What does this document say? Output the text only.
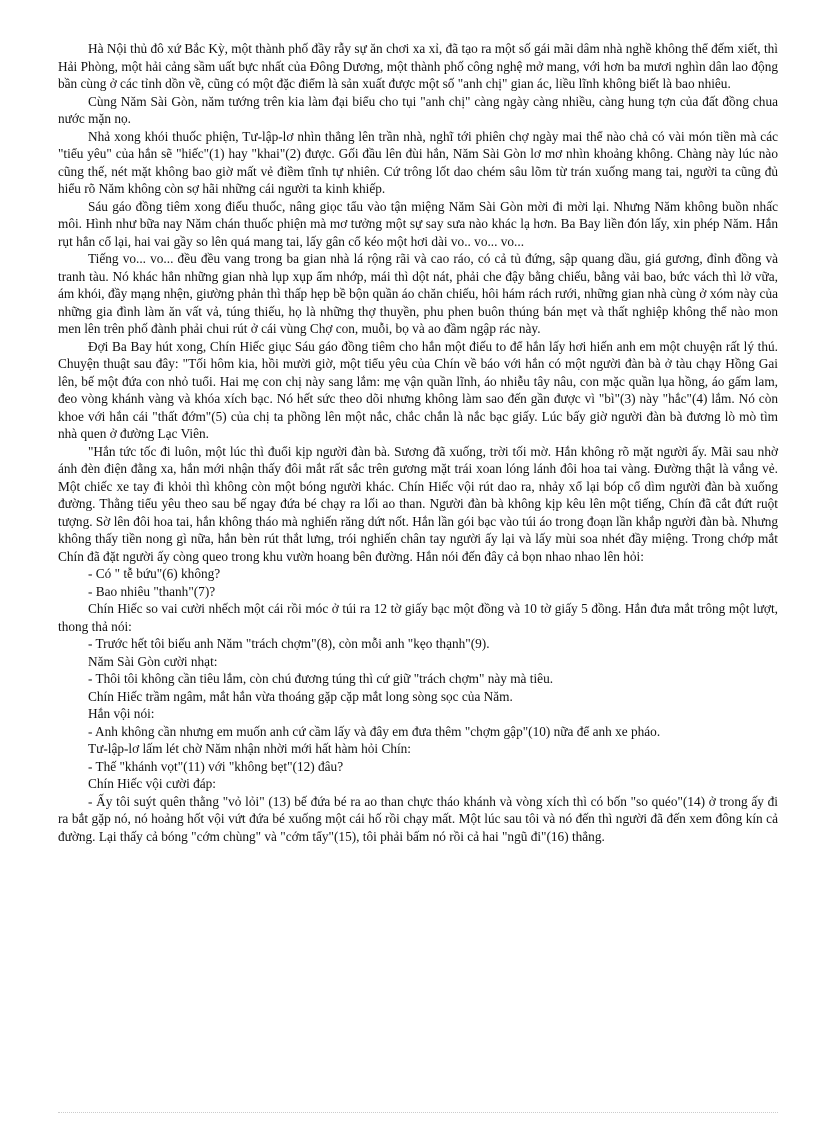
Hà Nội thủ đô xứ Bắc Kỳ, một thành phố đầy rẫy sự ăn chơi xa xỉ, đã tạo ra một số gái mãi dâm nhà nghề không thể đếm xiết, thì Hải Phòng, một hải cảng sầm uất bực nhất của Đông Dương, một thành phố công nghệ mở mang, với hơn ba mươi nghìn dân lao động bần cùng ở các tỉnh dồn về, cũng có một đặc điểm là sản xuất được một số "anh chị" gian ác, liều lĩnh không biết là bao nhiêu.

Cùng Năm Sài Gòn, năm tướng trên kia làm đại biểu cho tụi "anh chị" càng ngày càng nhiều, càng hung tợn của đất đồng chua nước mặn nọ.

Nhả xong khói thuốc phiện, Tư-lập-lơ nhìn thẳng lên trần nhà, nghĩ tới phiên chợ ngày mai thể nào chả có vài món tiền mà các "tiểu yêu" của hắn sẽ "hiếc"(1) hay "khai"(2) được. Gối đầu lên đùi hắn, Năm Sài Gòn lơ mơ nhìn khoảng không. Chàng này lúc nào cũng thế, nét mặt không bao giờ mất vẻ điềm tĩnh tự nhiên. Cứ trông lốt dao chém sâu lõm từ trán xuống mang tai, người ta cũng đủ hiểu rõ Năm không còn sợ hãi những cái người ta kinh khiếp.

Sáu gáo đồng tiêm xong điếu thuốc, nâng giọc tẩu vào tận miệng Năm Sài Gòn mời đi mời lại. Nhưng Năm không buồn nhấc môi. Hình như bữa nay Năm chán thuốc phiện mà mơ tưởng một sự say sưa nào khác lạ hơn. Ba Bay liền đón lấy, xin phép Năm. Hắn rụt hẳn cổ lại, hai vai gầy so lên quá mang tai, lấy gân cổ kéo một hơi dài vo.. vo... vo...

Tiếng vo... vo... đều đều vang trong ba gian nhà lá rộng rãi và cao ráo, có cả tủ đứng, sập quang dầu, giá gương, đỉnh đồng và tranh tàu. Nó khác hẳn những gian nhà lụp xụp ẩm nhớp, mái thì dột nát, phải che đậy bằng chiếu, bằng vải bao, bức vách thì lở vữa, ám khói, đầy mạng nhện, giường phản thì thấp hẹp bề bộn quần áo chăn chiếu, hôi hám rách rưới, những gian nhà cùng ở xóm này của những gia đình làm ăn vất vả, túng thiếu, họ là những thợ thuyền, phu phen buôn thúng bán mẹt và thất nghiệp không thể nào mon men lên trên phố đành phải chui rút ở cái vùng Chợ con, muỗi, bọ và ao đầm ngập rác này.

Đợi Ba Bay hút xong, Chín Hiếc giục Sáu gáo đồng tiêm cho hắn một điếu to để hắn lấy hơi hiến anh em một chuyện rất lý thú. Chuyện thuật sau đây: "Tối hôm kia, hồi mười giờ, một tiểu yêu của Chín về báo với hắn có một người đàn bà ở tàu chạy Hồng Gai lên, bế một đứa con nhỏ tuổi. Hai mẹ con chị này sang lắm: mẹ vận quần lĩnh, áo nhiễu tây nâu, con mặc quần lụa hồng, áo gấm lam, đeo vòng khánh vàng và khóa xích bạc. Nó hết sức theo dõi nhưng không làm sao đến gần được vì "bì"(3) này "hắc"(4) lắm. Nó còn khoe với hắn cái "thất đớm"(5) của chị ta phồng lên một nắc, chắc chắn là nắc bạc giấy. Lúc bấy giờ người đàn bà đương lò mò tìm nhà quen ở đường Lạc Viên.

"Hắn tức tốc đi luôn, một lúc thì đuổi kịp người đàn bà. Sương đã xuống, trời tối mờ. Hắn không rõ mặt người ấy. Mãi sau nhờ ánh đèn điện đằng xa, hắn mới nhận thấy đôi mắt rất sắc trên gương mặt trái xoan lóng lánh đôi hoa tai vàng. Đường thật là vắng vẻ. Một chiếc xe tay đi khỏi thì không còn một bóng người khác. Chín Hiếc vội rút dao ra, nhảy xổ lại bóp cổ dìm người đàn bà xuống đường. Thằng tiểu yêu theo sau bế ngay đứa bé chạy ra lối ao than. Người đàn bà không kịp kêu lên một tiếng, Chín đã cắt đứt ruột tượng. Sờ lên đôi hoa tai, hắn không tháo mà nghiến răng dứt nốt. Hắn lần gói bạc vào túi áo trong đoạn lần khắp người đàn bà. Nhưng không thấy tiền nong gì nữa, hắn bèn rút thắt lưng, trói nghiến chân tay người ấy lại và lấy mùi soa nhét đầy miệng. Trong chớp mắt Chín đã đặt người ấy còng queo trong khu vườn hoang bên đường. Hắn nói đến đây cả bọn nhao nhao lên hỏi:

- Có " tễ bứu"(6) không?

- Bao nhiêu "thanh"(7)?

Chín Hiếc so vai cười nhếch một cái rồi móc ở túi ra 12 tờ giấy bạc một đồng và 10 tờ giấy 5 đồng. Hắn đưa mắt trông một lượt, thong thả nói:

- Trước hết tôi biếu anh Năm "trách chợm"(8), còn mỗi anh "kẹo thạnh"(9).

Năm Sài Gòn cười nhạt:

- Thôi tôi không cần tiêu lắm, còn chú đương túng thì cứ giữ "trách chợm" này mà tiêu.

Chín Hiếc trầm ngâm, mắt hắn vừa thoáng gặp cặp mắt long sòng sọc của Năm.

Hắn vội nói:

- Anh không cần nhưng em muốn anh cứ cầm lấy và đây em đưa thêm "chợm gập"(10) nữa để anh xe pháo.

Tư-lập-lơ lấm lét chờ Năm nhận nhời mới hất hàm hỏi Chín:

- Thế "khánh vọt"(11) với "không bẹt"(12) đâu?

Chín Hiếc vội cười đáp:

- Ấy tôi suýt quên thằng "vỏ lỏi" (13) bế đứa bé ra ao than chực tháo khánh và vòng xích thì có bốn "so quéo"(14) ở trong ấy đi ra bắt gặp nó, nó hoảng hốt vội vứt đứa bé xuống một cái hố rồi chạy mất. Một lúc sau tôi và nó đến thì người đã đến xem đông kín cả đường. Lại thấy cả bóng "cớm chùng" và "cớm tẩy"(15), tôi phải bấm nó rồi cả hai "ngũ đi"(16) thẳng.
